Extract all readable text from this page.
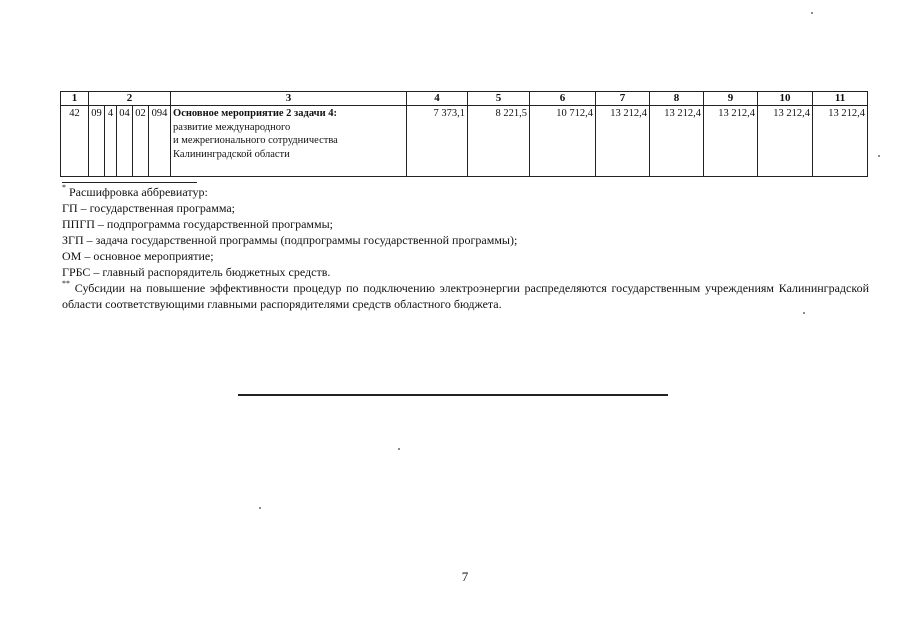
1	2					3	4	5	6	7	8	9	10	11
42	09	4	04	02	094	Основное мероприятие 2 задачи 4:
развитие международного
и межрегионального сотрудничества
Калининградской области	7 373,1	8 221,5	10 712,4	13 212,4	13 212,4	13 212,4	13 212,4	13 212,4

* Расшифровка аббревиатур:

ГП – государственная программа;

ППГП – подпрограмма государственной программы;

ЗГП – задача государственной программы (подпрограммы государственной программы);

ОМ – основное мероприятие;

ГРБС – главный распорядитель бюджетных средств.

** Субсидии на повышение эффективности процедур по подключению электроэнергии распределяются государственным учреждениям Калининградской области соответствующими главными распорядителями средств областного бюджета.

7
